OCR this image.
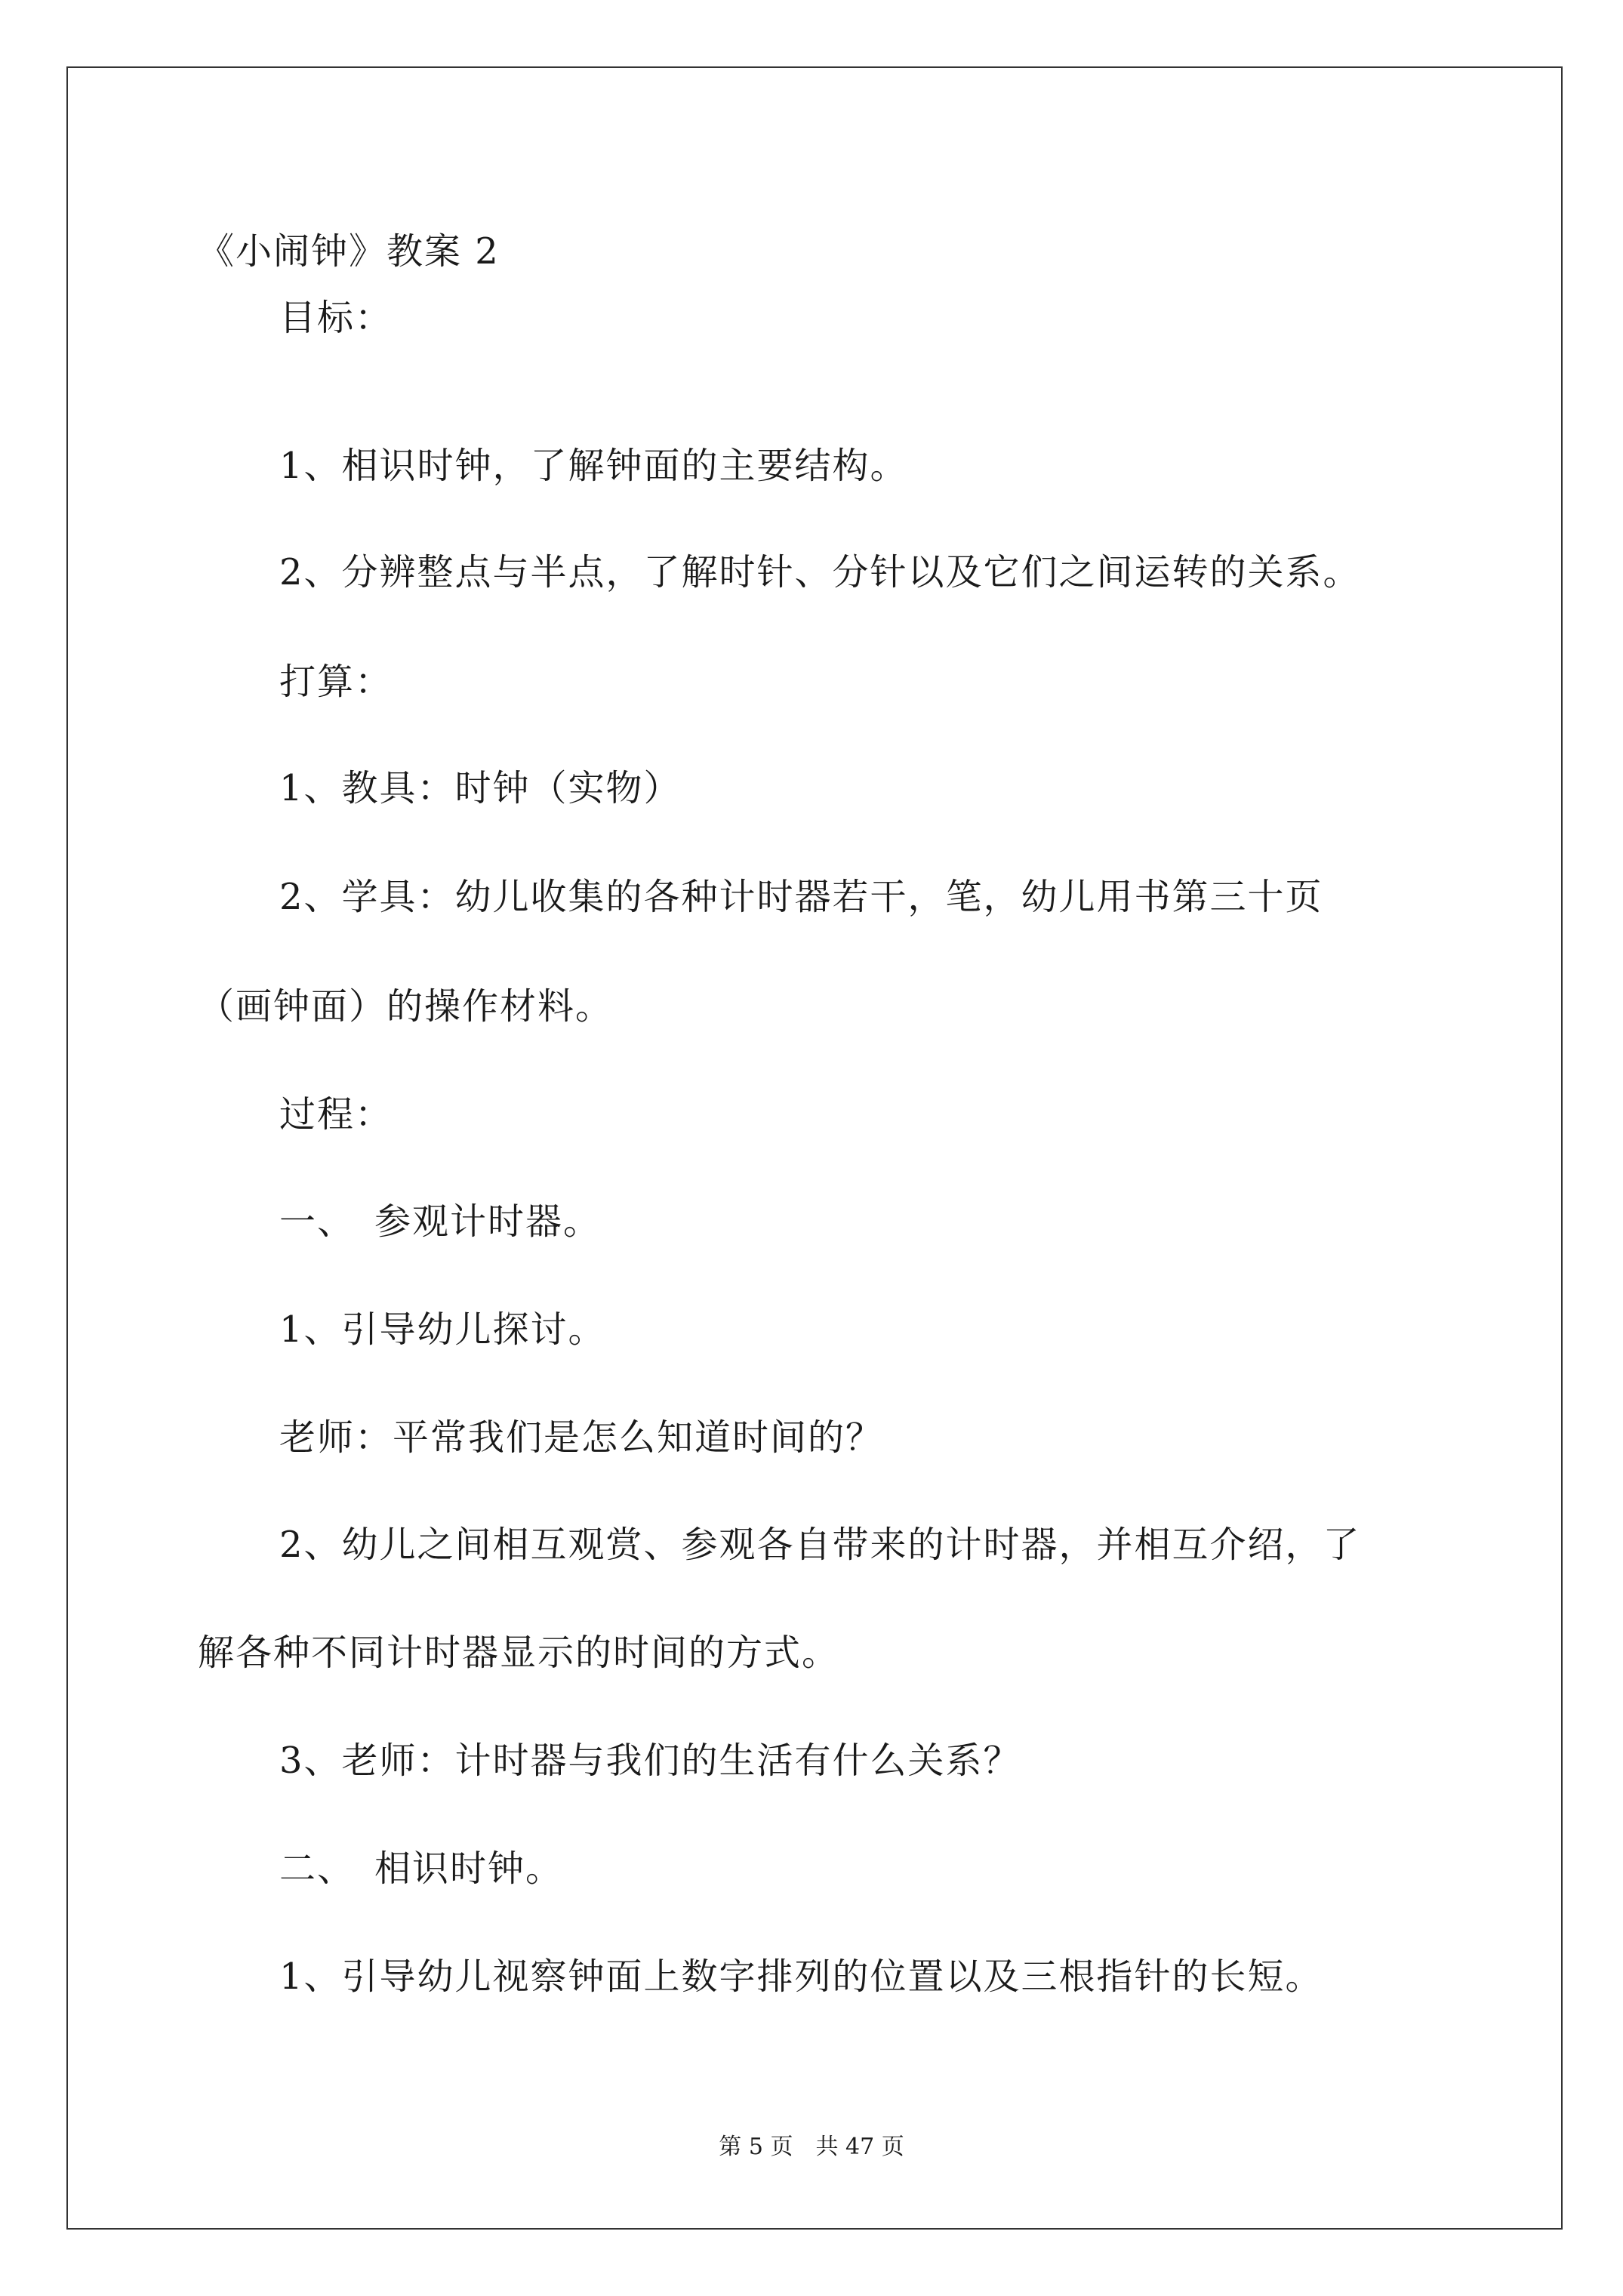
《小闹钟》教案 2
目标：
1、相识时钟，了解钟面的主要结构。
2、分辨整点与半点，了解时针、分针以及它们之间运转的关系。
打算：
1、教具：时钟（实物）
2、学具：幼儿收集的各种计时器若干，笔，幼儿用书第三十页
（画钟面）的操作材料。
过程：
一、　参观计时器。
1、引导幼儿探讨。
老师：平常我们是怎么知道时间的？
2、幼儿之间相互观赏、参观各自带来的计时器，并相互介绍，了
解各种不同计时器显示的时间的方式。
3、老师：计时器与我们的生活有什么关系？
二、　相识时钟。
1、引导幼儿视察钟面上数字排列的位置以及三根指针的长短。
第 5 页　共 47 页
